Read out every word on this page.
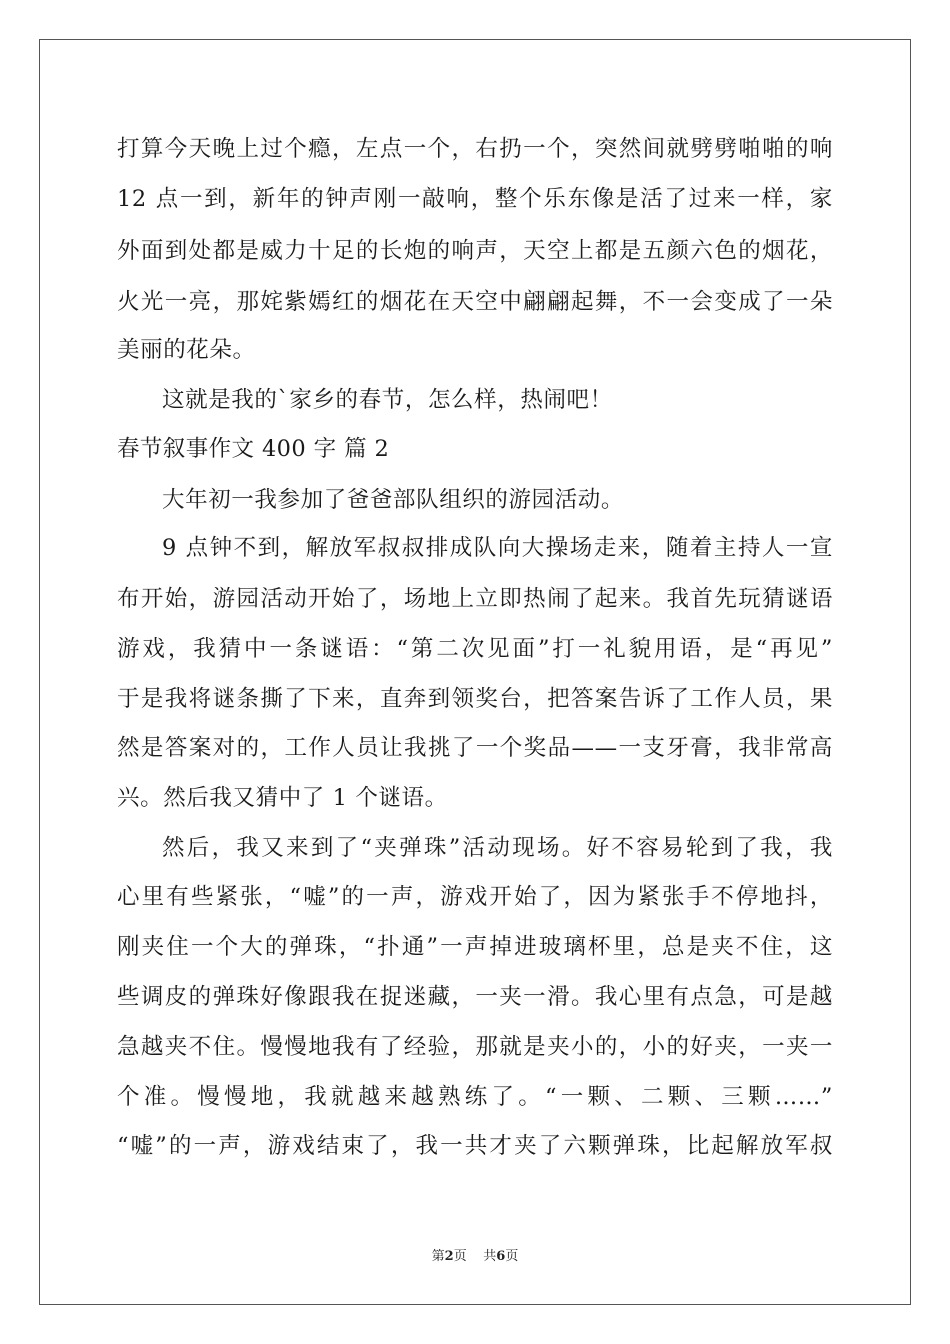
打算今天晚上过个瘾，左点一个，右扔一个，突然间就劈劈啪啪的响
12 点一到，新年的钟声刚一敲响，整个乐东像是活了过来一样，家
外面到处都是威力十足的长炮的响声，天空上都是五颜六色的烟花，
火光一亮，那姹紫嫣红的烟花在天空中翩翩起舞，不一会变成了一朵
美丽的花朵。
这就是我的`家乡的春节，怎么样，热闹吧！
春节叙事作文 400 字 篇 2
大年初一我参加了爸爸部队组织的游园活动。
9 点钟不到，解放军叔叔排成队向大操场走来，随着主持人一宣
布开始，游园活动开始了，场地上立即热闹了起来。我首先玩猜谜语
游戏，我猜中一条谜语：“第二次见面”打一礼貌用语，是“再见”
于是我将谜条撕了下来，直奔到领奖台，把答案告诉了工作人员，果
然是答案对的，工作人员让我挑了一个奖品——一支牙膏，我非常高
兴。然后我又猜中了 1 个谜语。
然后，我又来到了“夹弹珠”活动现场。好不容易轮到了我，我
心里有些紧张，“嘘”的一声，游戏开始了，因为紧张手不停地抖，
刚夹住一个大的弹珠，“扑通”一声掉进玻璃杯里，总是夹不住，这
些调皮的弹珠好像跟我在捉迷藏，一夹一滑。我心里有点急，可是越
急越夹不住。慢慢地我有了经验，那就是夹小的，小的好夹，一夹一
个准。慢慢地，我就越来越熟练了。“一颗、二颗、三颗……”
“嘘”的一声，游戏结束了，我一共才夹了六颗弹珠，比起解放军叔
第2页 共6页
